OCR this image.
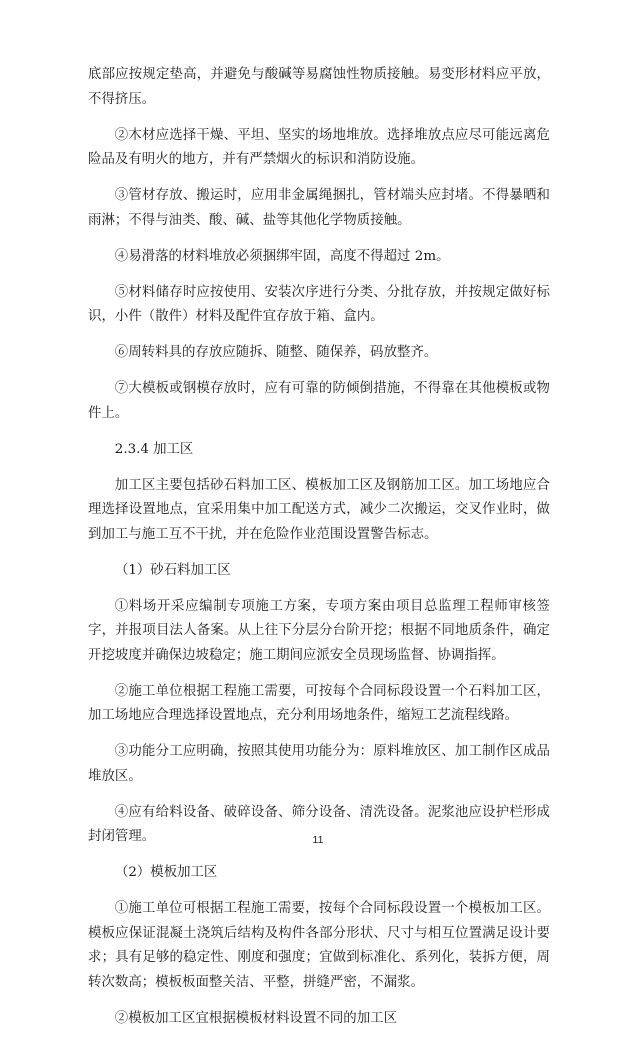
底部应按规定垫高，并避免与酸碱等易腐蚀性物质接触。易变形材料应平放，不得挤压。

②木材应选择干燥、平坦、坚实的场地堆放。选择堆放点应尽可能远离危险品及有明火的地方，并有严禁烟火的标识和消防设施。

③管材存放、搬运时，应用非金属绳捆扎，管材端头应封堵。不得暴晒和雨淋；不得与油类、酸、碱、盐等其他化学物质接触。

④易滑落的材料堆放必须捆绑牢固，高度不得超过 2m。

⑤材料储存时应按使用、安装次序进行分类、分批存放，并按规定做好标识，小件（散件）材料及配件宜存放于箱、盒内。

⑥周转料具的存放应随拆、随整、随保养，码放整齐。

⑦大模板或钢模存放时，应有可靠的防倾倒措施，不得靠在其他模板或物件上。

2.3.4 加工区

加工区主要包括砂石料加工区、模板加工区及钢筋加工区。加工场地应合理选择设置地点，宜采用集中加工配送方式，减少二次搬运，交叉作业时，做到加工与施工互不干扰，并在危险作业范围设置警告标志。

（1）砂石料加工区

①料场开采应编制专项施工方案，专项方案由项目总监理工程师审核签字，并报项目法人备案。从上往下分层分台阶开挖；根据不同地质条件，确定开挖坡度并确保边坡稳定；施工期间应派安全员现场监督、协调指挥。

②施工单位根据工程施工需要，可按每个合同标段设置一个石料加工区，加工场地应合理选择设置地点，充分利用场地条件，缩短工艺流程线路。

③功能分工应明确，按照其使用功能分为：原料堆放区、加工制作区成品堆放区。

④应有给料设备、破碎设备、筛分设备、清洗设备。泥浆池应设护栏形成封闭管理。

（2）模板加工区

①施工单位可根据工程施工需要，按每个合同标段设置一个模板加工区。模板应保证混凝土浇筑后结构及构件各部分形状、尺寸与相互位置满足设计要求；具有足够的稳定性、刚度和强度；宜做到标准化、系列化，装拆方便，周转次数高；模板板面整关洁、平整，拼缝严密，不漏浆。

②模板加工区宜根据模板材料设置不同的加工区

11
